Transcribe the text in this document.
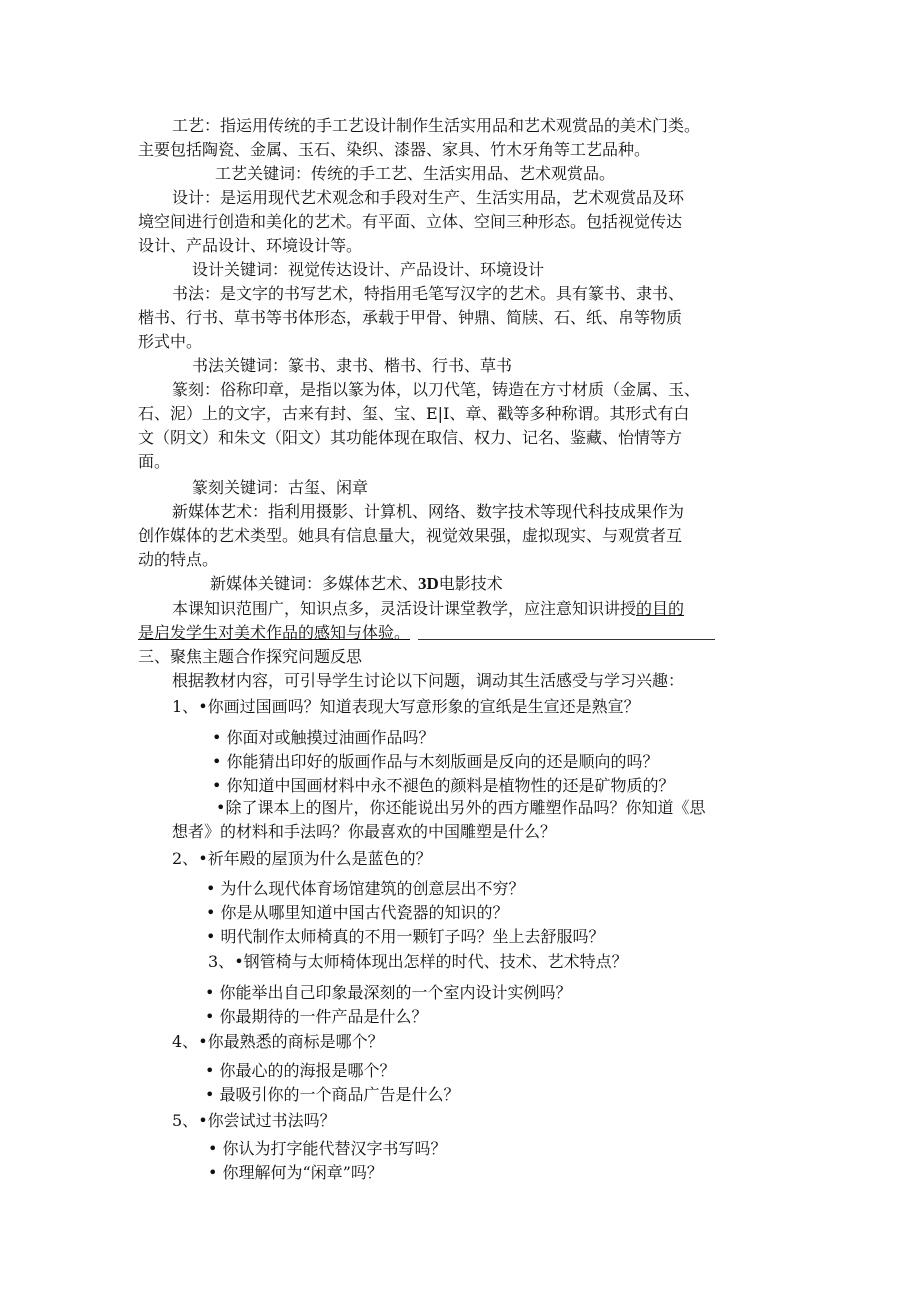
工艺：指运用传统的手工艺设计制作生活实用品和艺术观赏品的美术门类。
主要包括陶瓷、金属、玉石、染织、漆器、家具、竹木牙角等工艺品种。
工艺关键词：传统的手工艺、生活实用品、艺术观赏品。
设计：是运用现代艺术观念和手段对生产、生活实用品，艺术观赏品及环
境空间进行创造和美化的艺术。有平面、立体、空间三种形态。包括视觉传达
设计、产品设计、环境设计等。
设计关键词：视觉传达设计、产品设计、环境设计
书法：是文字的书写艺术，特指用毛笔写汉字的艺术。具有篆书、隶书、
楷书、行书、草书等书体形态，承载于甲骨、钟鼎、简牍、石、纸、帛等物质
形式中。
书法关键词：篆书、隶书、楷书、行书、草书
篆刻：俗称印章，是指以篆为体，以刀代笔，铸造在方寸材质（金属、玉、
石、泥）上的文字，古来有封、玺、宝、E|I、章、戳等多种称谓。其形式有白
文（阴文）和朱文（阳文）其功能体现在取信、权力、记名、鉴藏、怡情等方
面。
篆刻关键词：古玺、闲章
新媒体艺术：指利用摄影、计算机、网络、数字技术等现代科技成果作为
创作媒体的艺术类型。她具有信息量大，视觉效果强，虚拟现实、与观赏者互
动的特点。
新媒体关键词：多媒体艺术、3D电影技术
本课知识范围广，知识点多，灵活设计课堂教学，应注意知识讲授的目的
是启发学生对美术作品的感知与体验。
三、聚焦主题合作探究问题反思
根据教材内容，可引导学生讨论以下问题，调动其生活感受与学习兴趣：
1、•你画过国画吗？知道表现大写意形象的宣纸是生宣还是熟宣？
• 你面对或触摸过油画作品吗？
• 你能猜出印好的版画作品与木刻版画是反向的还是顺向的吗？
• 你知道中国画材料中永不褪色的颜料是植物性的还是矿物质的？
•除了课本上的图片，你还能说出另外的西方雕塑作品吗？你知道《思
想者》的材料和手法吗？你最喜欢的中国雕塑是什么？
2、•祈年殿的屋顶为什么是蓝色的？
• 为什么现代体育场馆建筑的创意层出不穷？
• 你是从哪里知道中国古代瓷器的知识的？
• 明代制作太师椅真的不用一颗钉子吗？坐上去舒服吗？
3、•钢管椅与太师椅体现出怎样的时代、技术、艺术特点？
• 你能举出自己印象最深刻的一个室内设计实例吗？
• 你最期待的一件产品是什么？
4、•你最熟悉的商标是哪个？
• 你最心的的海报是哪个？
• 最吸引你的一个商品广告是什么？
5、•你尝试过书法吗？
• 你认为打字能代替汉字书写吗？
• 你理解何为“闲章”吗？
